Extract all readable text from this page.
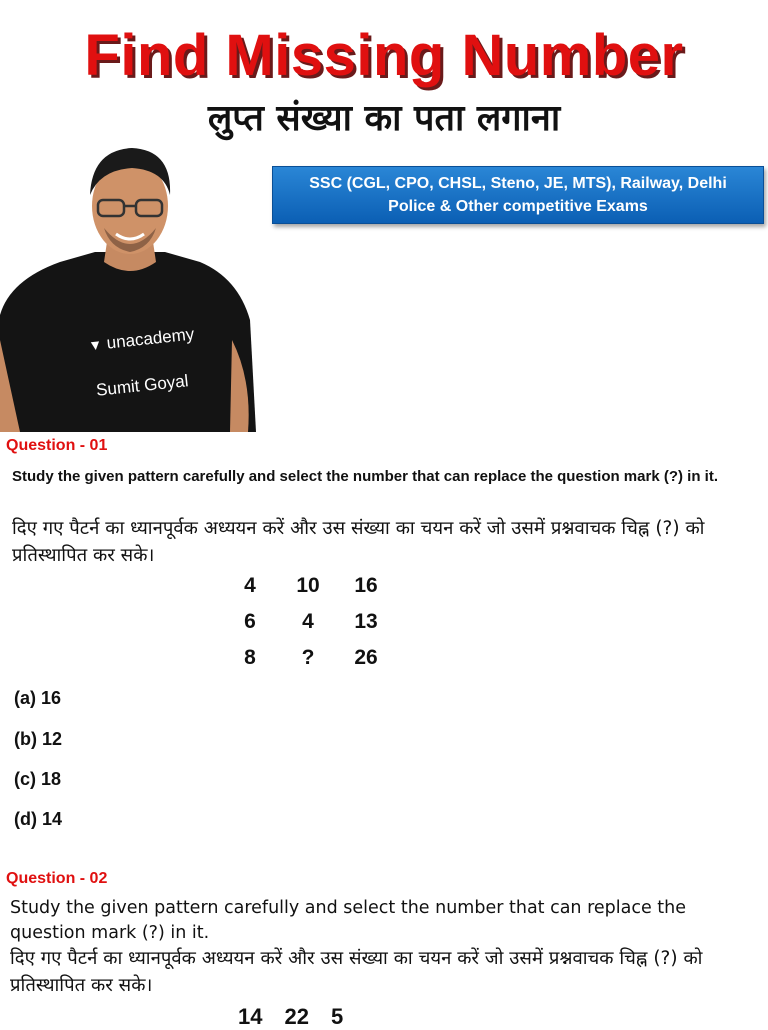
Find Missing Number
लुप्त संख्या का पता लगाना
▼ unacademy
Sumit Goyal
SSC (CGL, CPO, CHSL, Steno, JE, MTS), Railway, Delhi
Police & Other competitive Exams
Question - 01
Study the given pattern carefully and select the number that can replace the question mark (?) in it.
दिए गए पैटर्न का ध्यानपूर्वक अध्ययन करें और उस संख्या का चयन करें जो उसमें प्रश्नवाचक चिह्न (?) को प्रतिस्थापित कर सके।
4	10	16
6	4	13
8	?	26
(a) 16
(b) 12
(c) 18
(d) 14
Question - 02
Study the given pattern carefully and select the number that can replace the question mark (?) in it.
दिए गए पैटर्न का ध्यानपूर्वक अध्ययन करें और उस संख्या का चयन करें जो उसमें प्रश्नवाचक चिह्न (?) को प्रतिस्थापित कर सके।
14 22 5
